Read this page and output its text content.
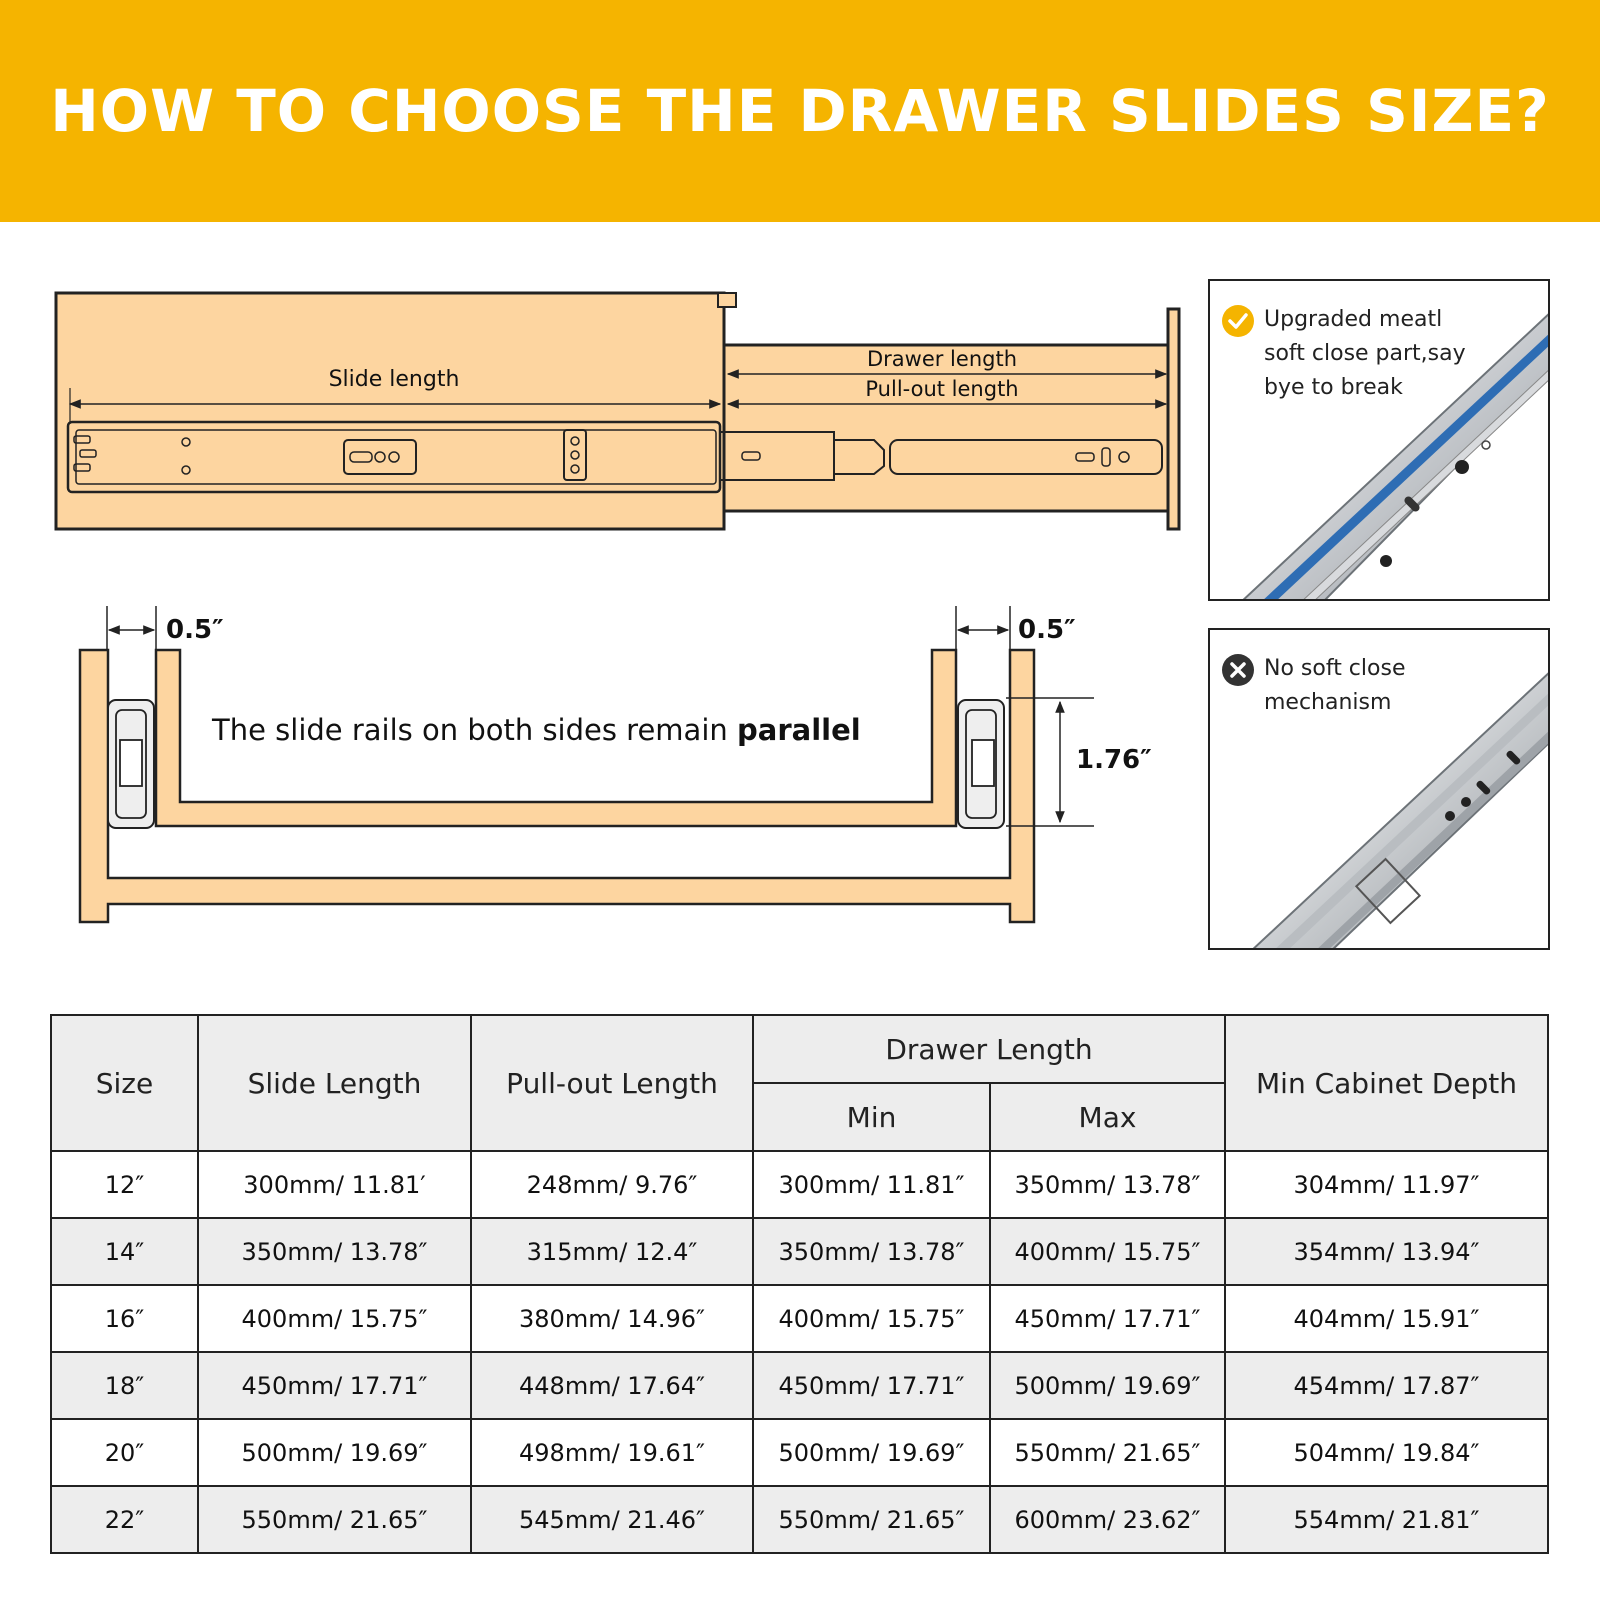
HOW TO CHOOSE THE DRAWER SLIDES SIZE?
Slide length
Drawer length
Pull-out length
0.5″	0.5″
1.76″
The slide rails on both sides remain parallel
Upgraded meatl
soft close part,say
bye to break
No soft close
mechanism
Size	Slide Length	Pull-out Length	Drawer Length		Min Cabinet Depth
			Min	Max	
12″	300mm/ 11.81′	248mm/ 9.76″	300mm/ 11.81″	350mm/ 13.78″	304mm/ 11.97″
14″	350mm/ 13.78″	315mm/ 12.4″	350mm/ 13.78″	400mm/ 15.75″	354mm/ 13.94″
16″	400mm/ 15.75″	380mm/ 14.96″	400mm/ 15.75″	450mm/ 17.71″	404mm/ 15.91″
18″	450mm/ 17.71″	448mm/ 17.64″	450mm/ 17.71″	500mm/ 19.69″	454mm/ 17.87″
20″	500mm/ 19.69″	498mm/ 19.61″	500mm/ 19.69″	550mm/ 21.65″	504mm/ 19.84″
22″	550mm/ 21.65″	545mm/ 21.46″	550mm/ 21.65″	600mm/ 23.62″	554mm/ 21.81″
